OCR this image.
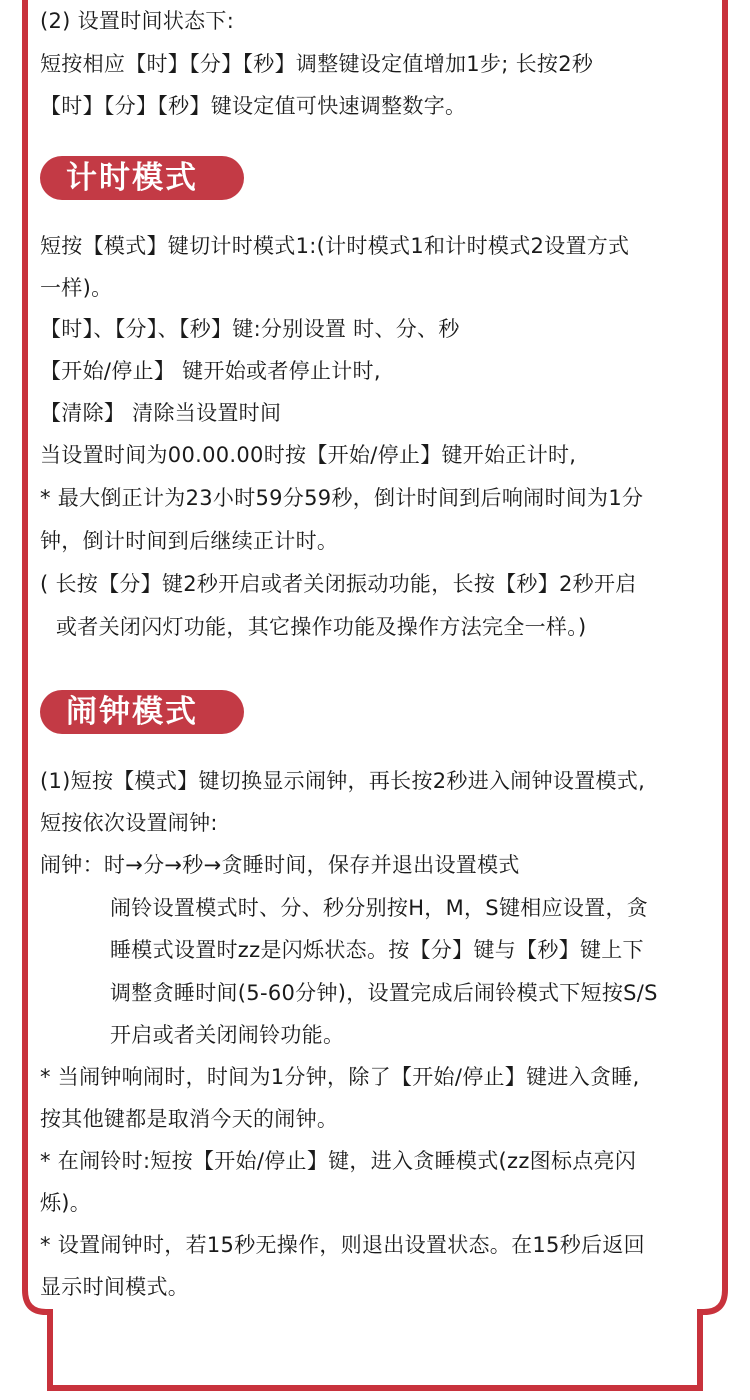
(2) 设置时间状态下:
短按相应【时】【分】【秒】调整键设定值增加1步; 长按2秒
【时】【分】【秒】键设定值可快速调整数字。
计时模式
短按【模式】键切计时模式1:(计时模式1和计时模式2设置方式
一样)。
【时】、【分】、【秒】键:分别设置 时、分、秒
【开始/停止】 键开始或者停止计时,
【清除】 清除当设置时间
当设置时间为00.00.00时按【开始/停止】键开始正计时,
* 最大倒正计为23小时59分59秒，倒计时间到后响闹时间为1分
钟，倒计时间到后继续正计时。
( 长按【分】键2秒开启或者关闭振动功能，长按【秒】2秒开启
或者关闭闪灯功能，其它操作功能及操作方法完全一样。)
闹钟模式
(1)短按【模式】键切换显示闹钟，再长按2秒进入闹钟设置模式,
短按依次设置闹钟:
闹钟：时→分→秒→贪睡时间，保存并退出设置模式
闹铃设置模式时、分、秒分别按H，M，S键相应设置，贪
睡模式设置时zz是闪烁状态。按【分】键与【秒】键上下
调整贪睡时间(5-60分钟)，设置完成后闹铃模式下短按S/S
开启或者关闭闹铃功能。
* 当闹钟响闹时，时间为1分钟，除了【开始/停止】键进入贪睡,
按其他键都是取消今天的闹钟。
* 在闹铃时:短按【开始/停止】键，进入贪睡模式(zz图标点亮闪
烁)。
* 设置闹钟时，若15秒无操作，则退出设置状态。在15秒后返回
显示时间模式。
